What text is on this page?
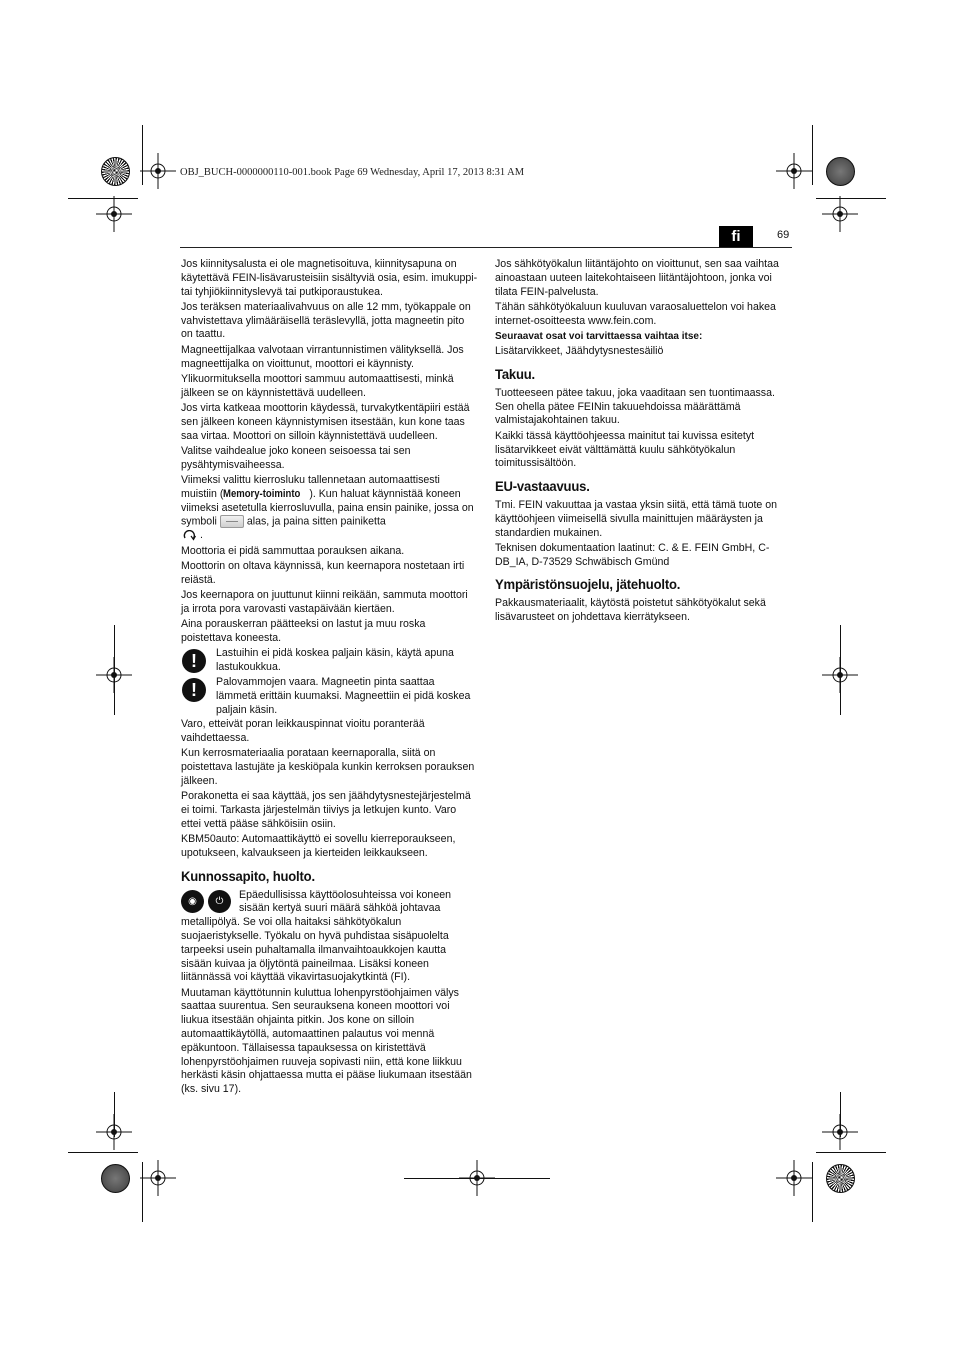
OBJ_BUCH-0000000110-001.book Page 69 Wednesday, April 17, 2013 8:31 AM
fi	69

Jos kiinnitysalusta ei ole magnetisoituva, kiinnitysapuna on käytettävä FEIN-lisävarusteisiin sisältyviä osia, esim. imukuppi- tai tyhjiökiinnityslevyä tai putkiporaustukea.

Jos teräksen materiaalivahvuus on alle 12 mm, työkappale on vahvistettava ylimääräisellä teräslevyllä, jotta magneetin pito on taattu.

Magneettijalkaa valvotaan virrantunnistimen välityksellä. Jos magneettijalka on vioittunut, moottori ei käynnisty.

Ylikuormituksella moottori sammuu automaattisesti, minkä jälkeen se on käynnistettävä uudelleen.

Jos virta katkeaa moottorin käydessä, turvakytkentäpiiri estää sen jälkeen koneen käynnistymisen itsestään, kun kone taas saa virtaa. Moottori on silloin käynnistettävä uudelleen.

Valitse vaihdealue joko koneen seisoessa tai sen pysähtymisvaiheessa.

Viimeksi valittu kierrosluku tallennetaan automaattisesti muistiin (Memory-toiminto ). Kun haluat käynnistää koneen viimeksi asetetulla kierrosluvulla, paina ensin painike, jossa on symboli	alas, ja paina sitten painiketta
.

Moottoria ei pidä sammuttaa porauksen aikana.

Moottorin on oltava käynnissä, kun keernapora nostetaan irti reiästä.

Jos keernapora on juuttunut kiinni reikään, sammuta moottori ja irrota pora varovasti vastapäivään kiertäen.

Aina porauskerran päätteeksi on lastut ja muu roska poistettava koneesta.

!	Lastuihin ei pidä koskea paljain käsin, käytä apuna lastukoukkua.

!	Palovammojen vaara. Magneetin pinta saattaa lämmetä erittäin kuumaksi. Magneettiin ei pidä koskea paljain käsin.

Varo, etteivät poran leikkauspinnat vioitu poranterää vaihdettaessa.

Kun kerrosmateriaalia porataan keernaporalla, siitä on poistettava lastujäte ja keskiöpala kunkin kerroksen porauksen jälkeen.

Porakonetta ei saa käyttää, jos sen jäähdytysnestejärjestelmä ei toimi. Tarkasta järjestelmän tiiviys ja letkujen kunto. Varo ettei vettä pääse sähköisiin osiin.

KBM50auto: Automaattikäyttö ei sovellu kierreporaukseen, upotukseen, kalvaukseen ja kierteiden leikkaukseen.

Kunnossapito, huolto.
◉	⏻

Epäedullisissa käyttöolosuhteissa voi koneen sisään kertyä suuri määrä sähköä johtavaa metallipölyä. Se voi olla haitaksi sähkötyökalun suojaeristykselle. Työkalu on hyvä puhdistaa sisäpuolelta tarpeeksi usein puhaltamalla ilmanvaihtoaukkojen kautta sisään kuivaa ja öljytöntä paineilmaa. Lisäksi koneen liitännässä voi käyttää vikavirtasuojakytkintä (FI).

Muutaman käyttötunnin kuluttua lohenpyrstöohjaimen välys saattaa suurentua. Sen seurauksena koneen moottori voi liukua itsestään ohjainta pitkin. Jos kone on silloin automaattikäytöllä, automaattinen palautus voi mennä epäkuntoon. Tällaisessa tapauksessa on kiristettävä lohenpyrstöohjaimen ruuveja sopivasti niin, että kone liikkuu herkästi käsin ohjattaessa mutta ei pääse liukumaan itsestään (ks. sivu 17).

Jos sähkötyökalun liitäntäjohto on vioittunut, sen saa vaihtaa ainoastaan uuteen laitekohtaiseen liitäntäjohtoon, jonka voi tilata FEIN-palvelusta.

Tähän sähkötyökaluun kuuluvan varaosaluettelon voi hakea internet-osoitteesta www.fein.com.

Seuraavat osat voi tarvittaessa vaihtaa itse:

Lisätarvikkeet, Jäähdytysnestesäiliö

Takuu.

Tuotteeseen pätee takuu, joka vaaditaan sen tuontimaassa. Sen ohella pätee FEINin takuuehdoissa määrättämä valmistajakohtainen takuu.

Kaikki tässä käyttöohjeessa mainitut tai kuvissa esitetyt lisätarvikkeet eivät välttämättä kuulu sähkötyökalun toimitussisältöön.

EU-vastaavuus.

Tmi. FEIN vakuuttaa ja vastaa yksin siitä, että tämä tuote on käyttöohjeen viimeisellä sivulla mainittujen määräysten ja standardien mukainen.

Teknisen dokumentaation laatinut: C. & E. FEIN GmbH, C-DB_IA, D-73529 Schwäbisch Gmünd

Ympäristönsuojelu, jätehuolto.

Pakkausmateriaalit, käytöstä poistetut sähkötyökalut sekä lisävarusteet on johdettava kierrätykseen.
